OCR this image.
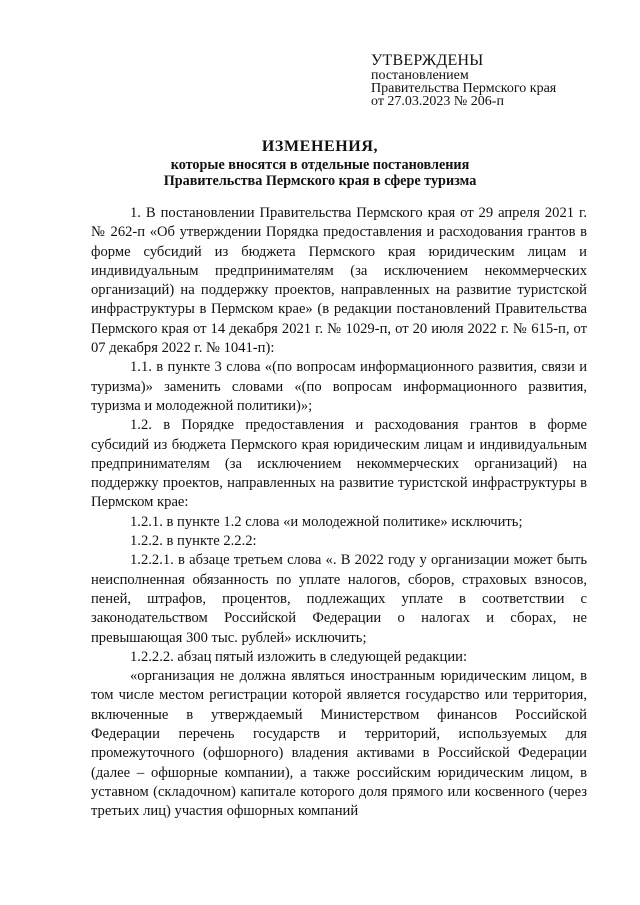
УТВЕРЖДЕНЫ
постановлением
Правительства Пермского края
от 27.03.2023 № 206-п
ИЗМЕНЕНИЯ,
которые вносятся в отдельные постановления
Правительства Пермского края в сфере туризма

1. В постановлении Правительства Пермского края от 29 апреля 2021 г. № 262-п «Об утверждении Порядка предоставления и расходования грантов в форме субсидий из бюджета Пермского края юридическим лицам и индивидуальным предпринимателям (за исключением некоммерческих организаций) на поддержку проектов, направленных на развитие туристской инфраструктуры в Пермском крае» (в редакции постановлений Правительства Пермского края от 14 декабря 2021 г. № 1029-п, от 20 июля 2022 г. № 615-п, от 07 декабря 2022 г. № 1041-п):

1.1. в пункте 3 слова «(по вопросам информационного развития, связи и туризма)» заменить словами «(по вопросам информационного развития, туризма и молодежной политики)»;

1.2. в Порядке предоставления и расходования грантов в форме субсидий из бюджета Пермского края юридическим лицам и индивидуальным предпринимателям (за исключением некоммерческих организаций) на поддержку проектов, направленных на развитие туристской инфраструктуры в Пермском крае:

1.2.1. в пункте 1.2 слова «и молодежной политике» исключить;

1.2.2. в пункте 2.2.2:

1.2.2.1. в абзаце третьем слова «. В 2022 году у организации может быть неисполненная обязанность по уплате налогов, сборов, страховых взносов, пеней, штрафов, процентов, подлежащих уплате в соответствии с законодательством Российской Федерации о налогах и сборах, не превышающая 300 тыс. рублей» исключить;

1.2.2.2. абзац пятый изложить в следующей редакции:

«организация не должна являться иностранным юридическим лицом, в том числе местом регистрации которой является государство или территория, включенные в утверждаемый Министерством финансов Российской Федерации перечень государств и территорий, используемых для промежуточного (офшорного) владения активами в Российской Федерации (далее – офшорные компании), а также российским юридическим лицом, в уставном (складочном) капитале которого доля прямого или косвенного (через третьих лиц) участия офшорных компаний
